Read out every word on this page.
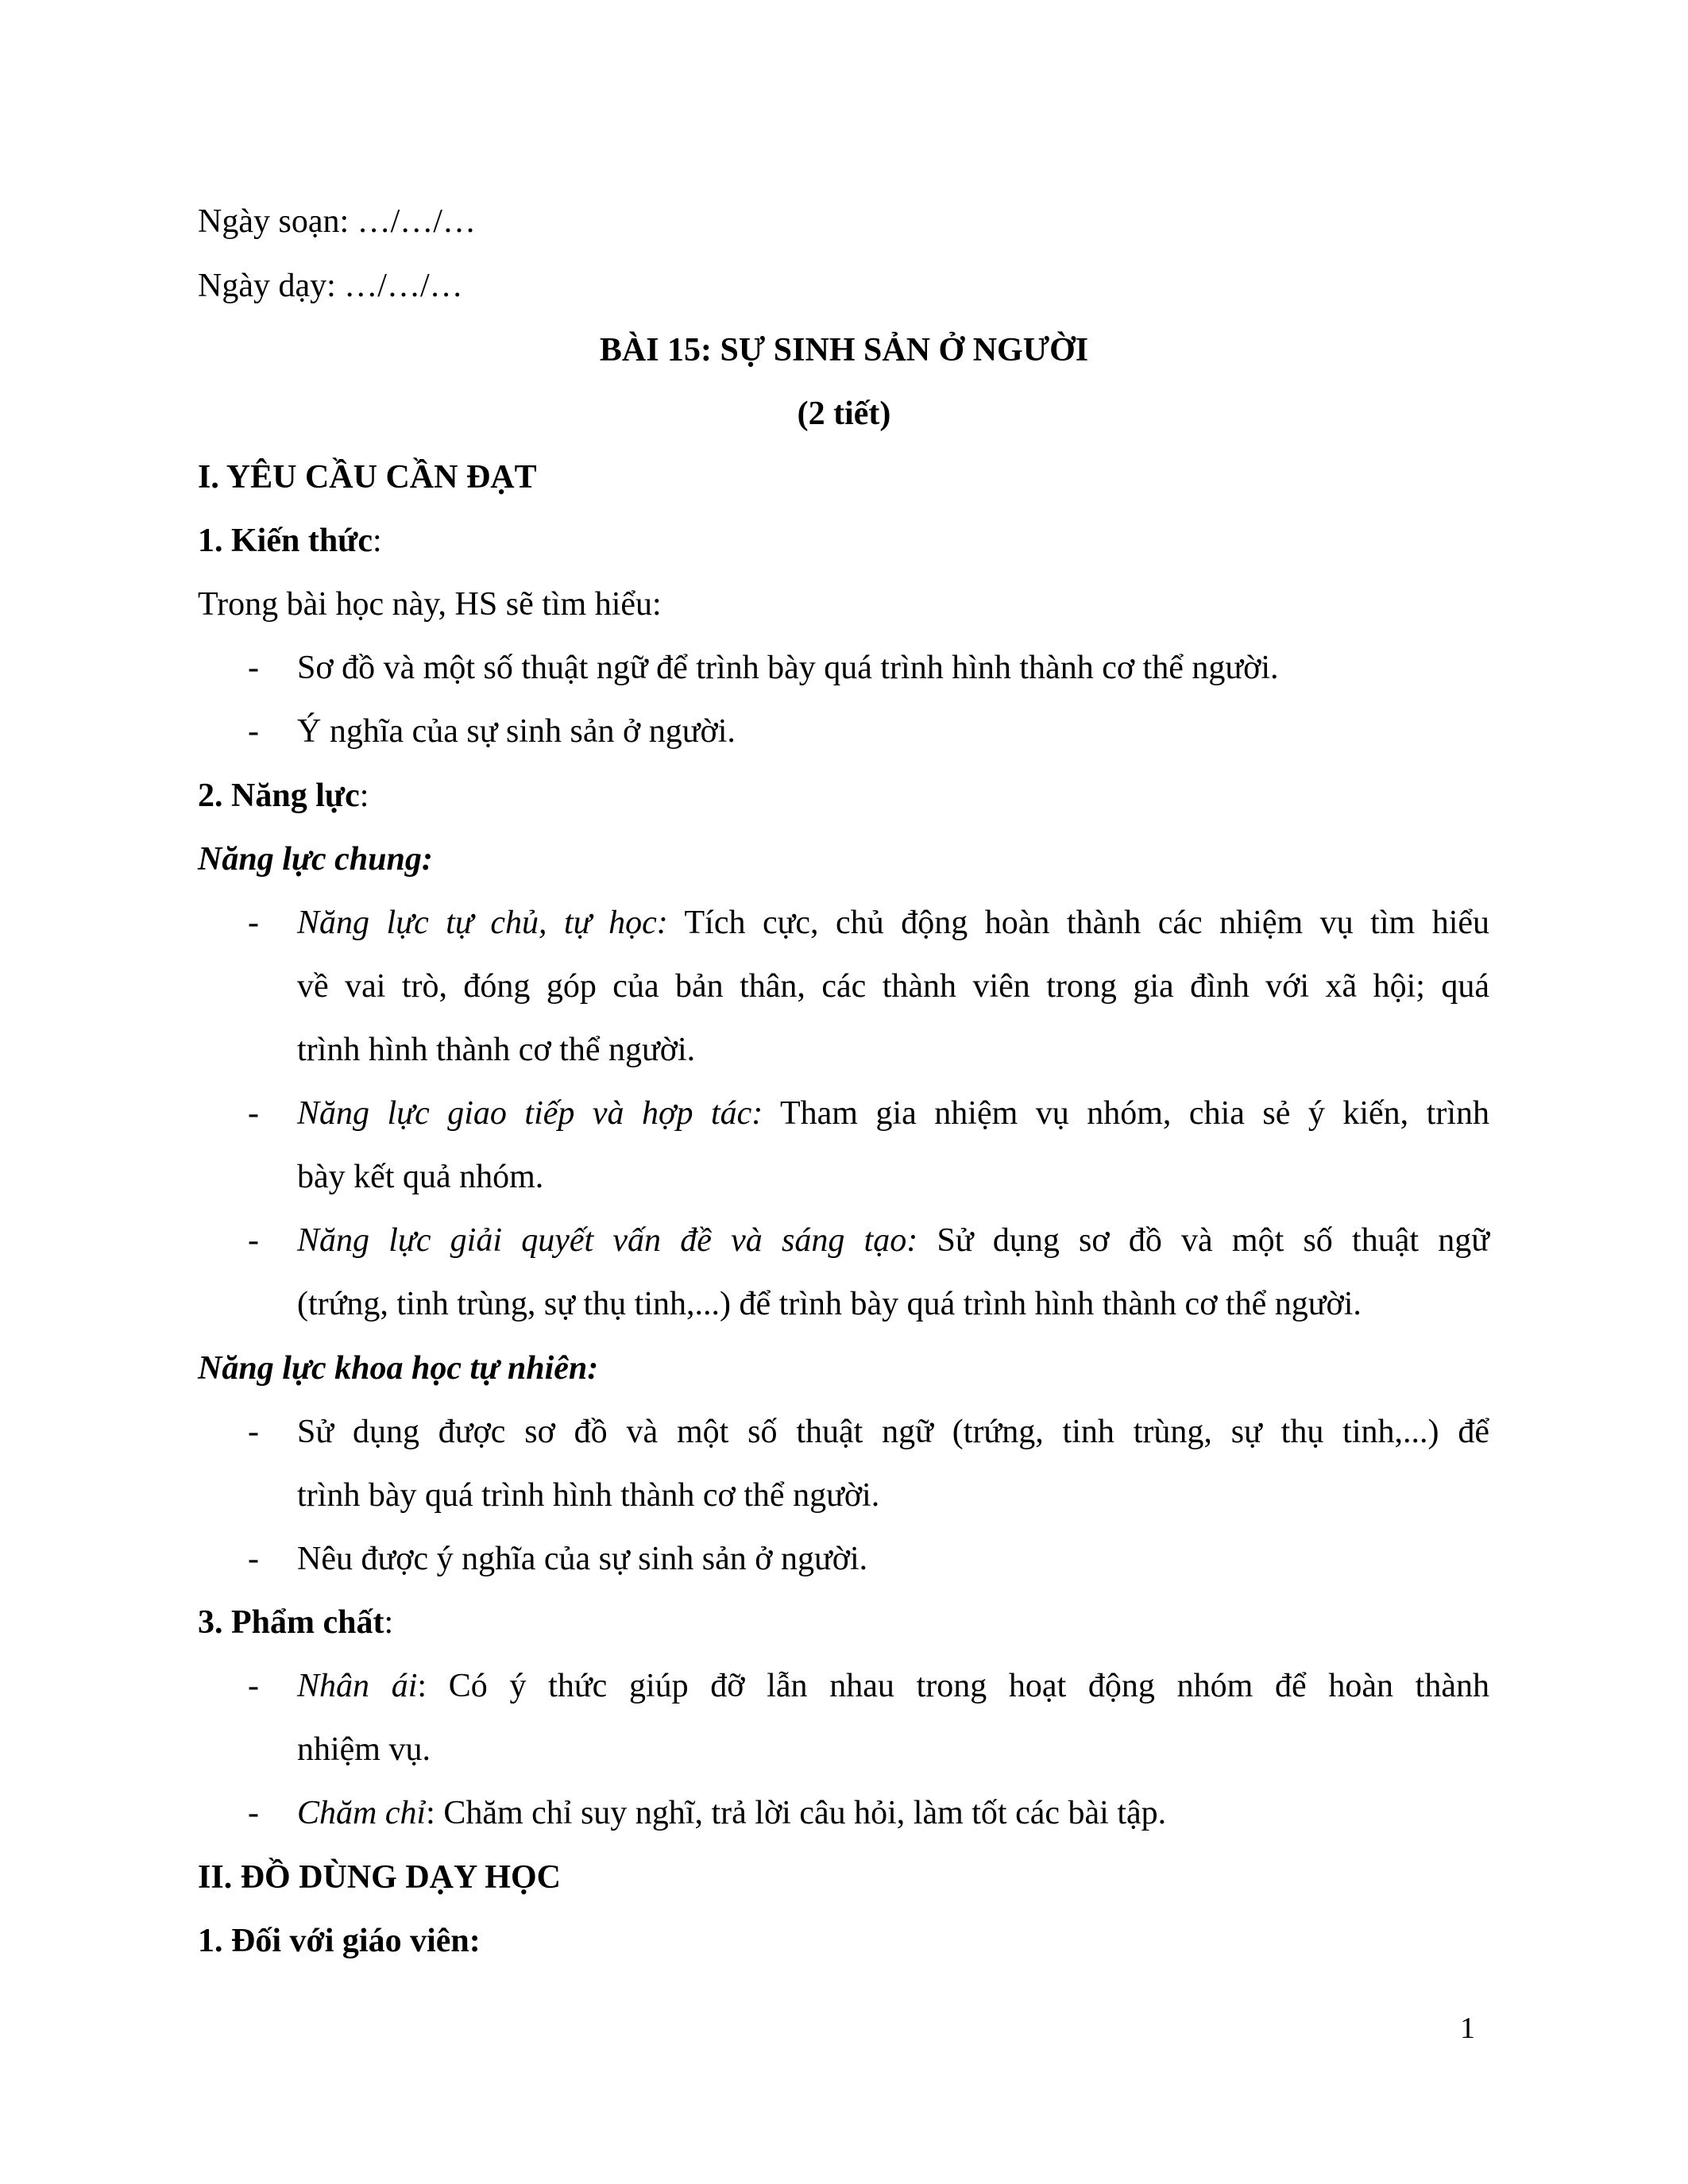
Ngày soạn: …/…/…

Ngày dạy: …/…/…

BÀI 15: SỰ SINH SẢN Ở NGƯỜI

(2 tiết)

I. YÊU CẦU CẦN ĐẠT

1. Kiến thức:

Trong bài học này, HS sẽ tìm hiểu:

- Sơ đồ và một số thuật ngữ để trình bày quá trình hình thành cơ thể người.

- Ý nghĩa của sự sinh sản ở người.

2. Năng lực:

Năng lực chung:

- Năng lực tự chủ, tự học: Tích cực, chủ động hoàn thành các nhiệm vụ tìm hiểu

về vai trò, đóng góp của bản thân, các thành viên trong gia đình với xã hội; quá

trình hình thành cơ thể người.

- Năng lực giao tiếp và hợp tác: Tham gia nhiệm vụ nhóm, chia sẻ ý kiến, trình

bày kết quả nhóm.

- Năng lực giải quyết vấn đề và sáng tạo: Sử dụng sơ đồ và một số thuật ngữ

(trứng, tinh trùng, sự thụ tinh,...) để trình bày quá trình hình thành cơ thể người.

Năng lực khoa học tự nhiên:

- Sử dụng được sơ đồ và một số thuật ngữ (trứng, tinh trùng, sự thụ tinh,...) để

trình bày quá trình hình thành cơ thể người.

- Nêu được ý nghĩa của sự sinh sản ở người.

3. Phẩm chất:

- Nhân ái: Có ý thức giúp đỡ lẫn nhau trong hoạt động nhóm để hoàn thành

nhiệm vụ.

- Chăm chỉ: Chăm chỉ suy nghĩ, trả lời câu hỏi, làm tốt các bài tập.

II. ĐỒ DÙNG DẠY HỌC

1. Đối với giáo viên:

1
